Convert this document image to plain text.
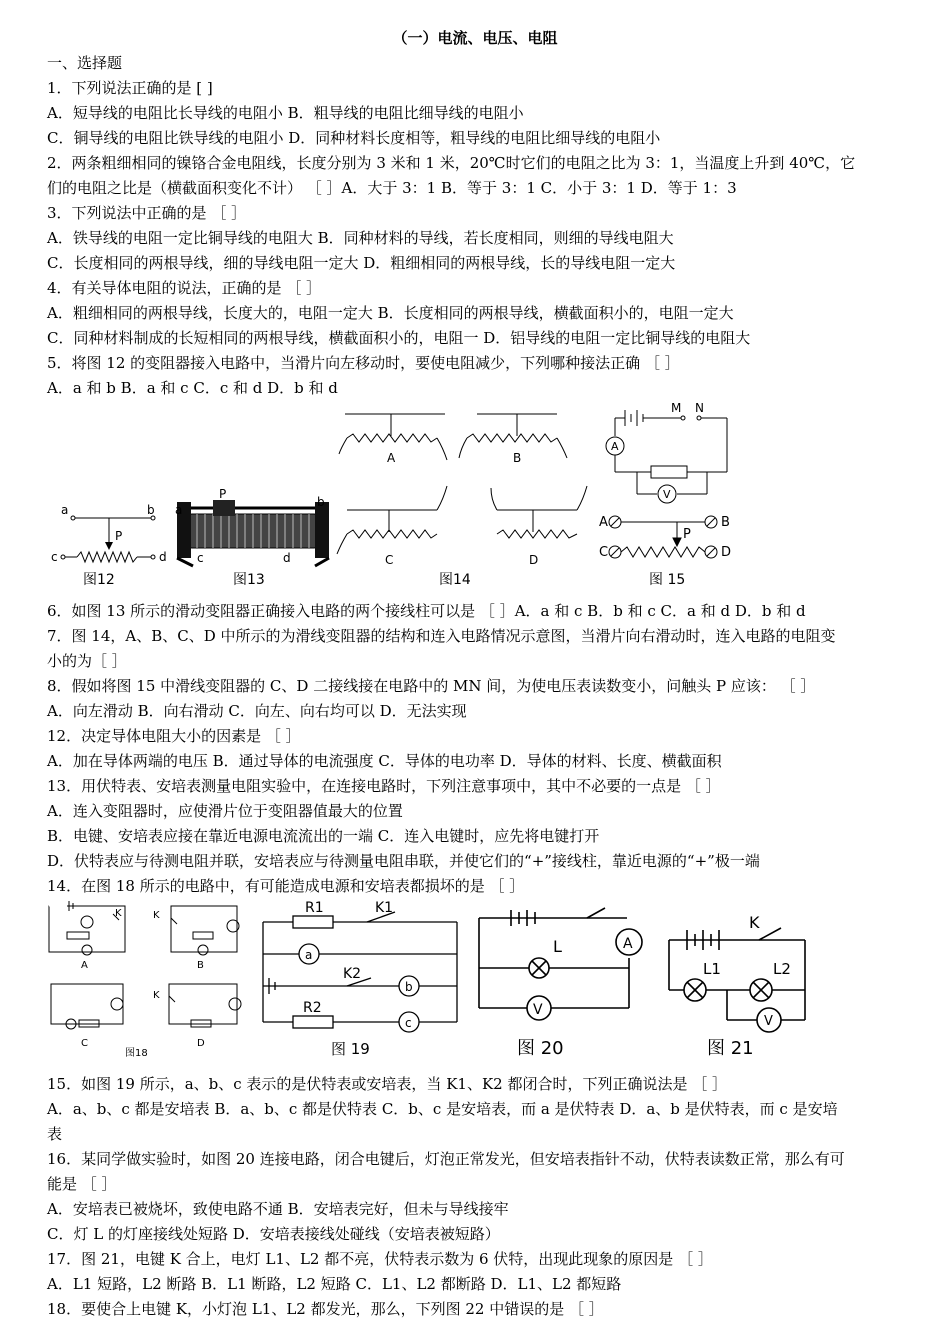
（一）电流、电压、电阻
一、选择题
1．下列说法正确的是 [ ]
A．短导线的电阻比长导线的电阻小 B．粗导线的电阻比细导线的电阻小
C．铜导线的电阻比铁导线的电阻小 D．同种材料长度相等，粗导线的电阻比细导线的电阻小
2．两条粗细相同的镍铬合金电阻线，长度分别为 3 米和 1 米，20℃时它们的电阻之比为 3：1，当温度上升到 40℃，它
们的电阻之比是（横截面积变化不计） ［ ］A．大于 3：1 B．等于 3：1 C．小于 3：1 D．等于 1：3
3．下列说法中正确的是 ［ ］
A．铁导线的电阻一定比铜导线的电阻大 B．同种材料的导线，若长度相同，则细的导线电阻大
C．长度相同的两根导线，细的导线电阻一定大 D．粗细相同的两根导线，长的导线电阻一定大
4．有关导体电阻的说法，正确的是 ［ ］
A．粗细相同的两根导线，长度大的，电阻一定大 B．长度相同的两根导线，横截面积小的，电阻一定大
C．同种材料制成的长短相同的两根导线，横截面积小的，电阻一 D．铝导线的电阻一定比铜导线的电阻大
5．将图 12 的变阻器接入电路中，当滑片向左移动时，要使电阻减少，下列哪种接法正确 ［ ］
A．a 和 b B．a 和 c C．c 和 d D．b 和 d
a	b
c	d
P
图12
a
P
b
c	d
图13
A	B
C	D
图14
M N
A
V
A	B
C	D
P
图 15
6．如图 13 所示的滑动变阻器正确接入电路的两个接线柱可以是 ［ ］A．a 和 c B．b 和 c C．a 和 d D．b 和 d
7．图 14，A、B、C、D 中所示的为滑线变阻器的结构和连入电路情况示意图，当滑片向右滑动时，连入电路的电阻变
小的为［ ］
8．假如将图 15 中滑线变阻器的 C、D 二接线接在电路中的 MN 间，为使电压表读数变小，问触头 P 应该： ［ ］
A．向左滑动 B．向右滑动 C．向左、向右均可以 D．无法实现
12．决定导体电阻大小的因素是 ［ ］
A．加在导体两端的电压 B．通过导体的电流强度 C．导体的电功率 D．导体的材料、长度、横截面积
13．用伏特表、安培表测量电阻实验中，在连接电路时，下列注意事项中，其中不必要的一点是 ［ ］
A．连入变阻器时，应使滑片位于变阻器值最大的位置
B．电键、安培表应接在靠近电源电流流出的一端 C．连入电键时，应先将电键打开
D．伏特表应与待测电阻并联，安培表应与待测量电阻串联，并使它们的“+”接线柱，靠近电源的“+”极一端
14．在图 18 所示的电路中，有可能造成电源和安培表都损坏的是 ［ ］
A	B
C	D
K	K
K
图18
R1	K1
a
K2
b
R2
c
图 19
L	A
V
图 20
K
L1	L2
V
图 21
15．如图 19 所示，a、b、c 表示的是伏特表或安培表，当 K1、K2 都闭合时，下列正确说法是 ［ ］
A．a、b、c 都是安培表 B．a、b、c 都是伏特表 C．b、c 是安培表，而 a 是伏特表 D．a、b 是伏特表，而 c 是安培
表
16．某同学做实验时，如图 20 连接电路，闭合电键后，灯泡正常发光，但安培表指针不动，伏特表读数正常，那么有可
能是 ［ ］
A．安培表已被烧坏，致使电路不通 B．安培表完好，但未与导线接牢
C．灯 L 的灯座接线处短路 D．安培表接线处碰线（安培表被短路）
17．图 21，电键 K 合上，电灯 L1、L2 都不亮，伏特表示数为 6 伏特，出现此现象的原因是 ［ ］
A．L1 短路，L2 断路 B．L1 断路，L2 短路 C．L1、L2 都断路 D．L1、L2 都短路
18．要使合上电键 K，小灯泡 L1、L2 都发光，那么，下列图 22 中错误的是 ［ ］
